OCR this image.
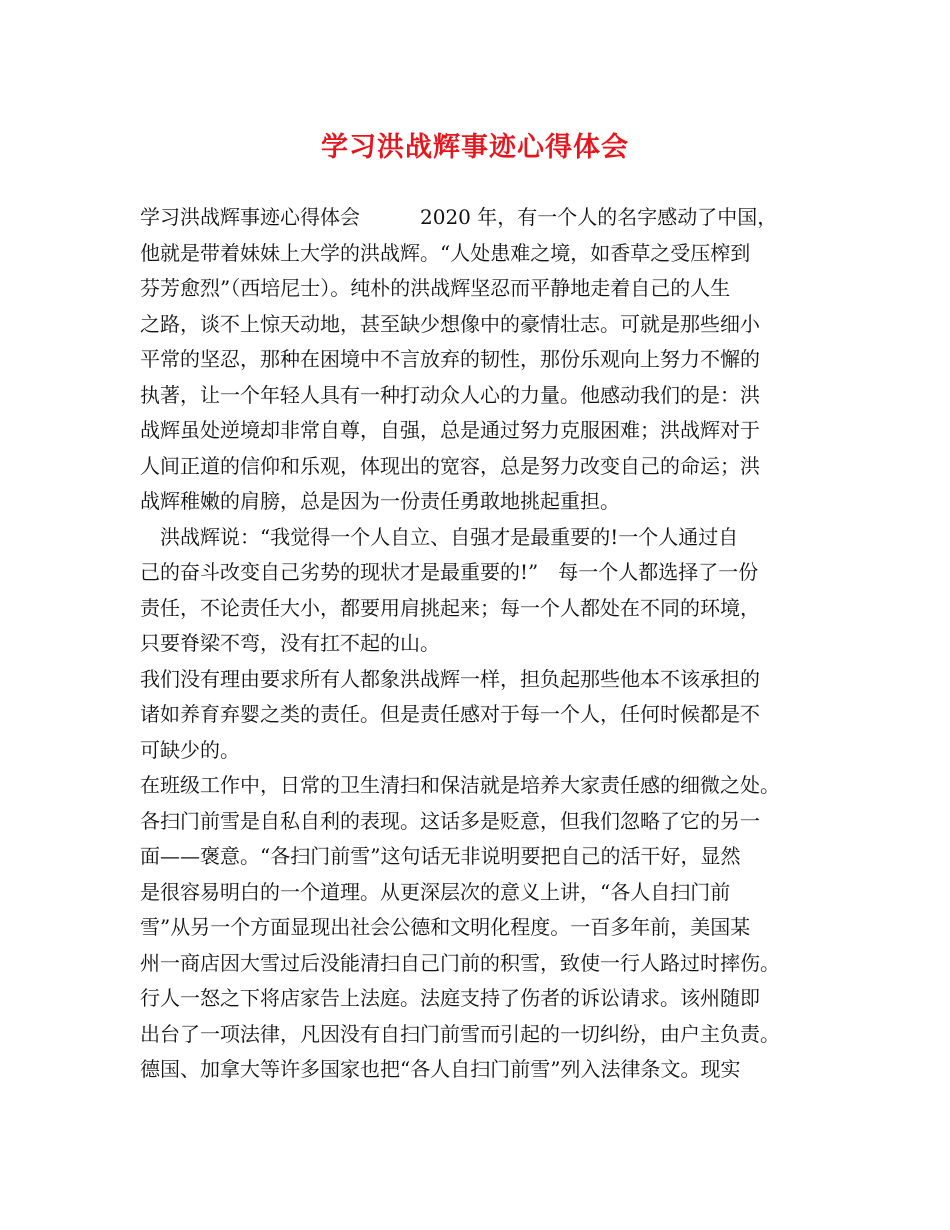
学习洪战辉事迹心得体会
学习洪战辉事迹心得体会　　　2020 年，有一个人的名字感动了中国，
他就是带着妹妹上大学的洪战辉。“人处患难之境，如香草之受压榨到
芬芳愈烈”（西培尼士）。纯朴的洪战辉坚忍而平静地走着自己的人生
之路，谈不上惊天动地，甚至缺少想像中的豪情壮志。可就是那些细小
平常的坚忍，那种在困境中不言放弃的韧性，那份乐观向上努力不懈的
执著，让一个年轻人具有一种打动众人心的力量。他感动我们的是：洪
战辉虽处逆境却非常自尊，自强，总是通过努力克服困难；洪战辉对于
人间正道的信仰和乐观，体现出的宽容，总是努力改变自己的命运；洪
战辉稚嫩的肩膀，总是因为一份责任勇敢地挑起重担。
　洪战辉说：“我觉得一个人自立、自强才是最重要的!一个人通过自
己的奋斗改变自己劣势的现状才是最重要的!”　每一个人都选择了一份
责任，不论责任大小，都要用肩挑起来；每一个人都处在不同的环境，
只要脊梁不弯，没有扛不起的山。
我们没有理由要求所有人都象洪战辉一样，担负起那些他本不该承担的
诸如养育弃婴之类的责任。但是责任感对于每一个人，任何时候都是不
可缺少的。
在班级工作中，日常的卫生清扫和保洁就是培养大家责任感的细微之处。
各扫门前雪是自私自利的表现。这话多是贬意，但我们忽略了它的另一
面——褒意。“各扫门前雪”这句话无非说明要把自己的活干好，显然
是很容易明白的一个道理。从更深层次的意义上讲，“各人自扫门前
雪”从另一个方面显现出社会公德和文明化程度。一百多年前，美国某
州一商店因大雪过后没能清扫自己门前的积雪，致使一行人路过时摔伤。
行人一怒之下将店家告上法庭。法庭支持了伤者的诉讼请求。该州随即
出台了一项法律，凡因没有自扫门前雪而引起的一切纠纷，由户主负责。
德国、加拿大等许多国家也把“各人自扫门前雪”列入法律条文。现实
